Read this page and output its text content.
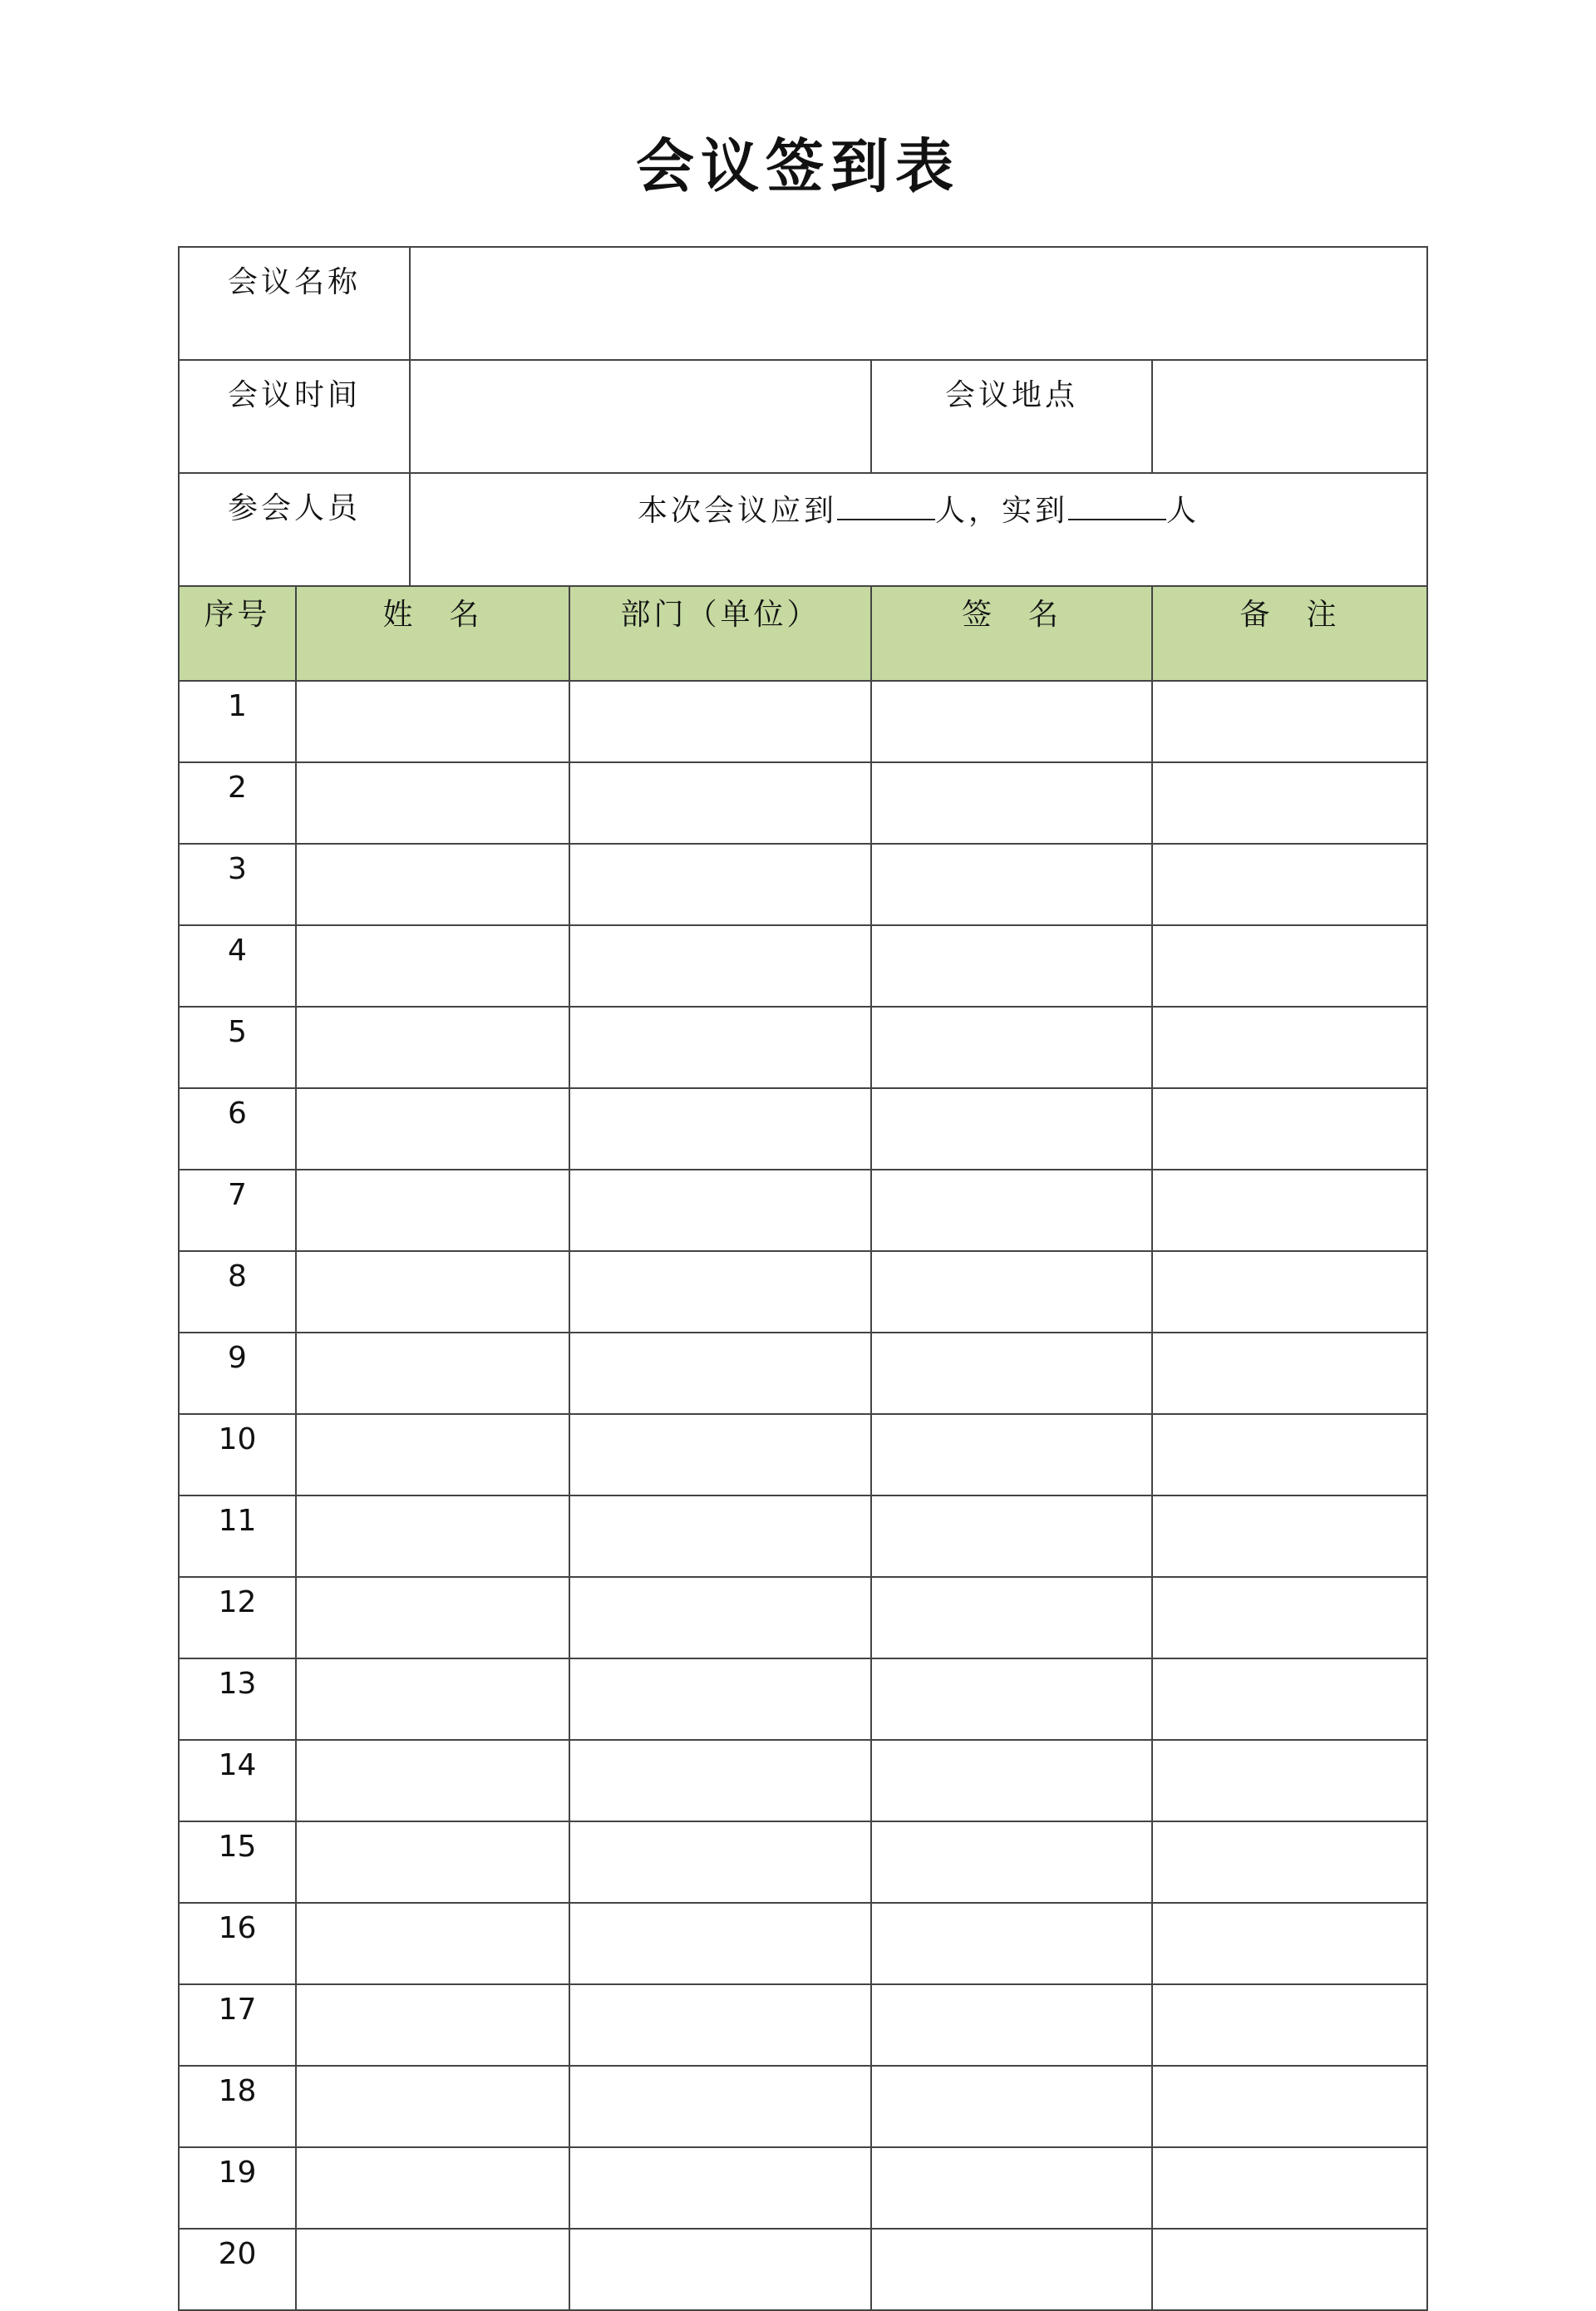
会议签到表
会议名称					
会议时间				会议地点	
参会人员		本次会议应到 人，实到 人			
序号	姓　名		部门（单位）	签　名	备　注
1					
2					
3					
4					
5					
6					
7					
8					
9					
10					
11					
12					
13					
14					
15					
16					
17					
18					
19					
20					
